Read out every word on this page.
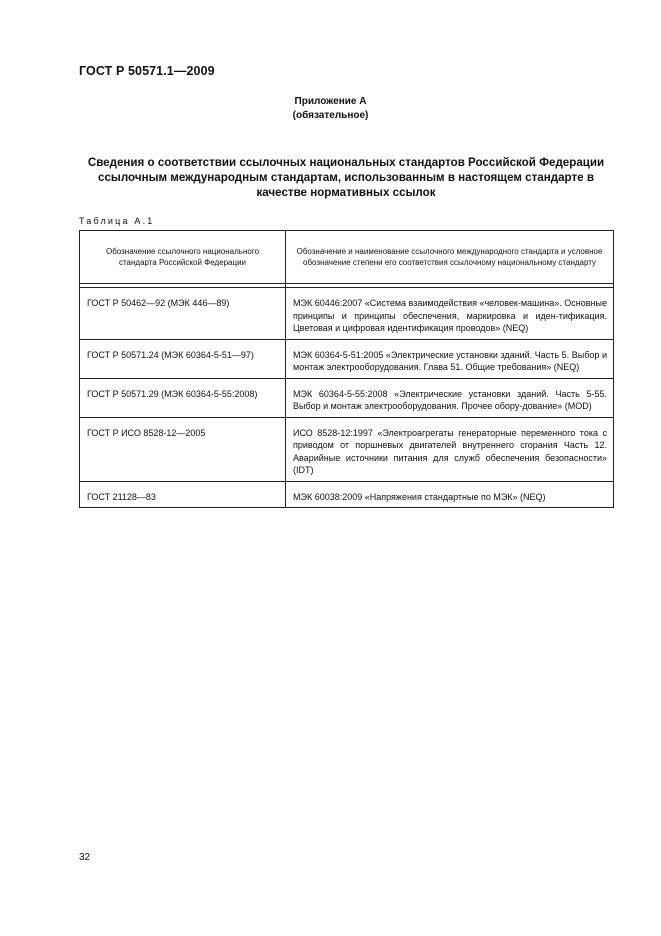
ГОСТ Р 50571.1—2009
Приложение А
(обязательное)
Сведения о соответствии ссылочных национальных стандартов Российской Федерации ссылочным международным стандартам, использованным в настоящем стандарте в качестве нормативных ссылок
Таблица А.1
Обозначение ссылочного национального стандарта Российской Федерации	Обозначение и наименование ссылочного международного стандарта и условное обозначение степени его соответствия ссылочному национальному стандарту

ГОСТ Р 50462—92 (МЭК 446—89)	МЭК 60446:2007 «Система взаимодействия «человек-машина». Основные принципы и принципы обеспечения, маркировка и иден-тификация. Цветовая и цифровая идентификация проводов» (NEQ)
ГОСТ Р 50571.24 (МЭК 60364-5-51—97)	МЭК 60364-5-51:2005 «Электрические установки зданий. Часть 5. Выбор и монтаж электрооборудования. Глава 51. Общие требования» (NEQ)
ГОСТ Р 50571.29 (МЭК 60364-5-55:2008)	МЭК 60364-5-55:2008 «Электрические установки зданий. Часть 5-55. Выбор и монтаж электрооборудования. Прочее обору-дование» (MOD)
ГОСТ Р ИСО 8528-12—2005	ИСО 8528-12:1997 «Электроагрегаты генераторные переменного тока с приводом от поршневых двигателей внутреннего сгорания Часть 12. Аварийные источники питания для служб обеспечения безопасности» (IDT)
ГОСТ 21128—83	МЭК 60038:2009 «Напряжения стандартные по МЭК» (NEQ)
32
